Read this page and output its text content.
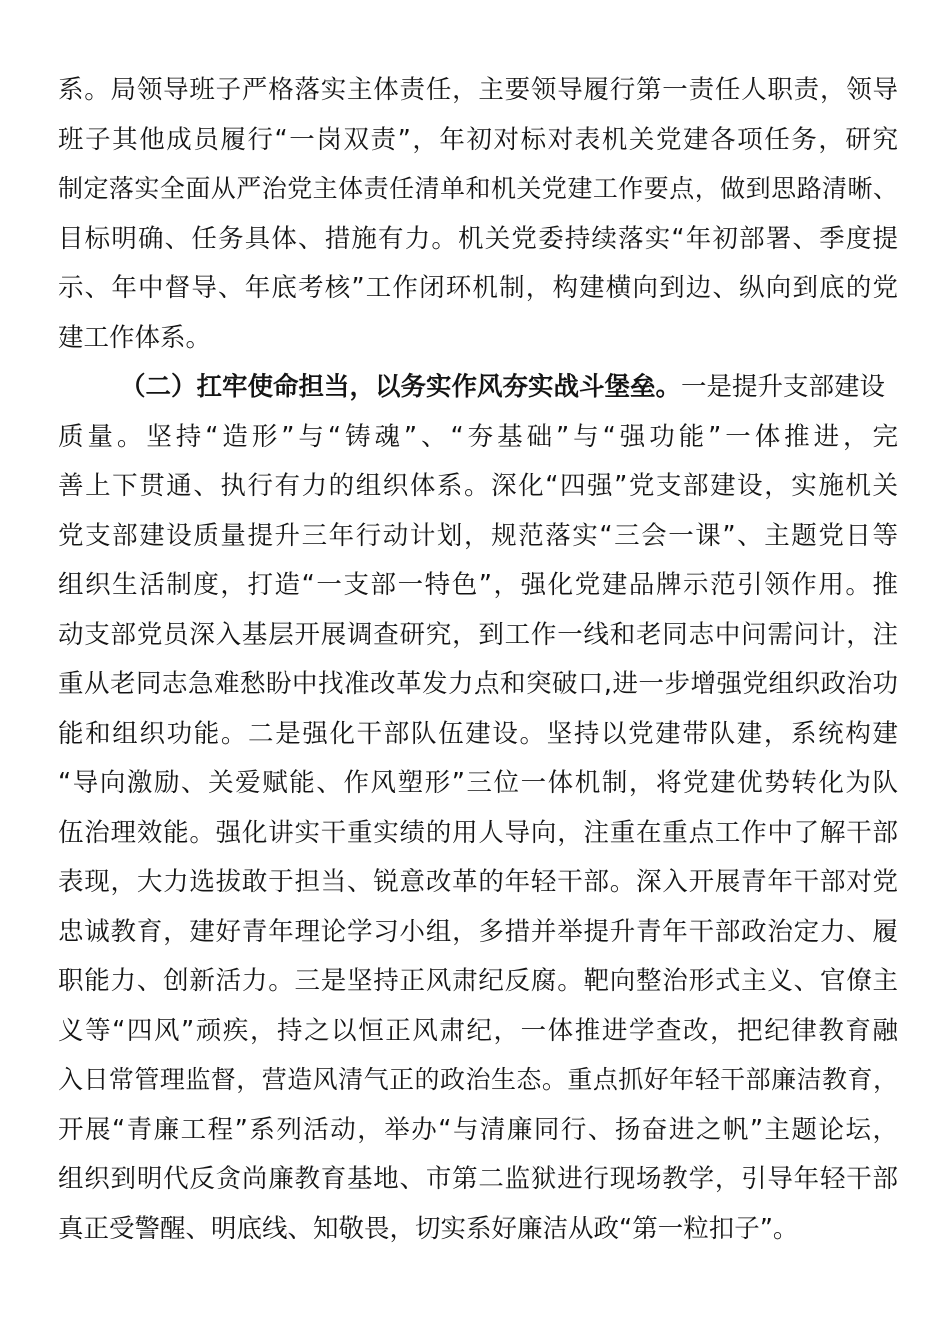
系。局领导班子严格落实主体责任，主要领导履行第一责任人职责，领导
班子其他成员履行“一岗双责”，年初对标对表机关党建各项任务，研究
制定落实全面从严治党主体责任清单和机关党建工作要点，做到思路清晰、
目标明确、任务具体、措施有力。机关党委持续落实“年初部署、季度提
示、年中督导、年底考核”工作闭环机制，构建横向到边、纵向到底的党
建工作体系。
（二）扛牢使命担当，以务实作风夯实战斗堡垒。一是提升支部建设
质量。坚持“造形”与“铸魂”、“夯基础”与“强功能”一体推进，完
善上下贯通、执行有力的组织体系。深化“四强”党支部建设，实施机关
党支部建设质量提升三年行动计划，规范落实“三会一课”、主题党日等
组织生活制度，打造“一支部一特色”，强化党建品牌示范引领作用。推
动支部党员深入基层开展调查研究，到工作一线和老同志中问需问计，注
重从老同志急难愁盼中找准改革发力点和突破口,进一步增强党组织政治功
能和组织功能。二是强化干部队伍建设。坚持以党建带队建，系统构建
“导向激励、关爱赋能、作风塑形”三位一体机制，将党建优势转化为队
伍治理效能。强化讲实干重实绩的用人导向，注重在重点工作中了解干部
表现，大力选拔敢于担当、锐意改革的年轻干部。深入开展青年干部对党
忠诚教育，建好青年理论学习小组，多措并举提升青年干部政治定力、履
职能力、创新活力。三是坚持正风肃纪反腐。靶向整治形式主义、官僚主
义等“四风”顽疾，持之以恒正风肃纪，一体推进学查改，把纪律教育融
入日常管理监督，营造风清气正的政治生态。重点抓好年轻干部廉洁教育，
开展“青廉工程”系列活动，举办“与清廉同行、扬奋进之帆”主题论坛，
组织到明代反贪尚廉教育基地、市第二监狱进行现场教学，引导年轻干部
真正受警醒、明底线、知敬畏，切实系好廉洁从政“第一粒扣子”。
